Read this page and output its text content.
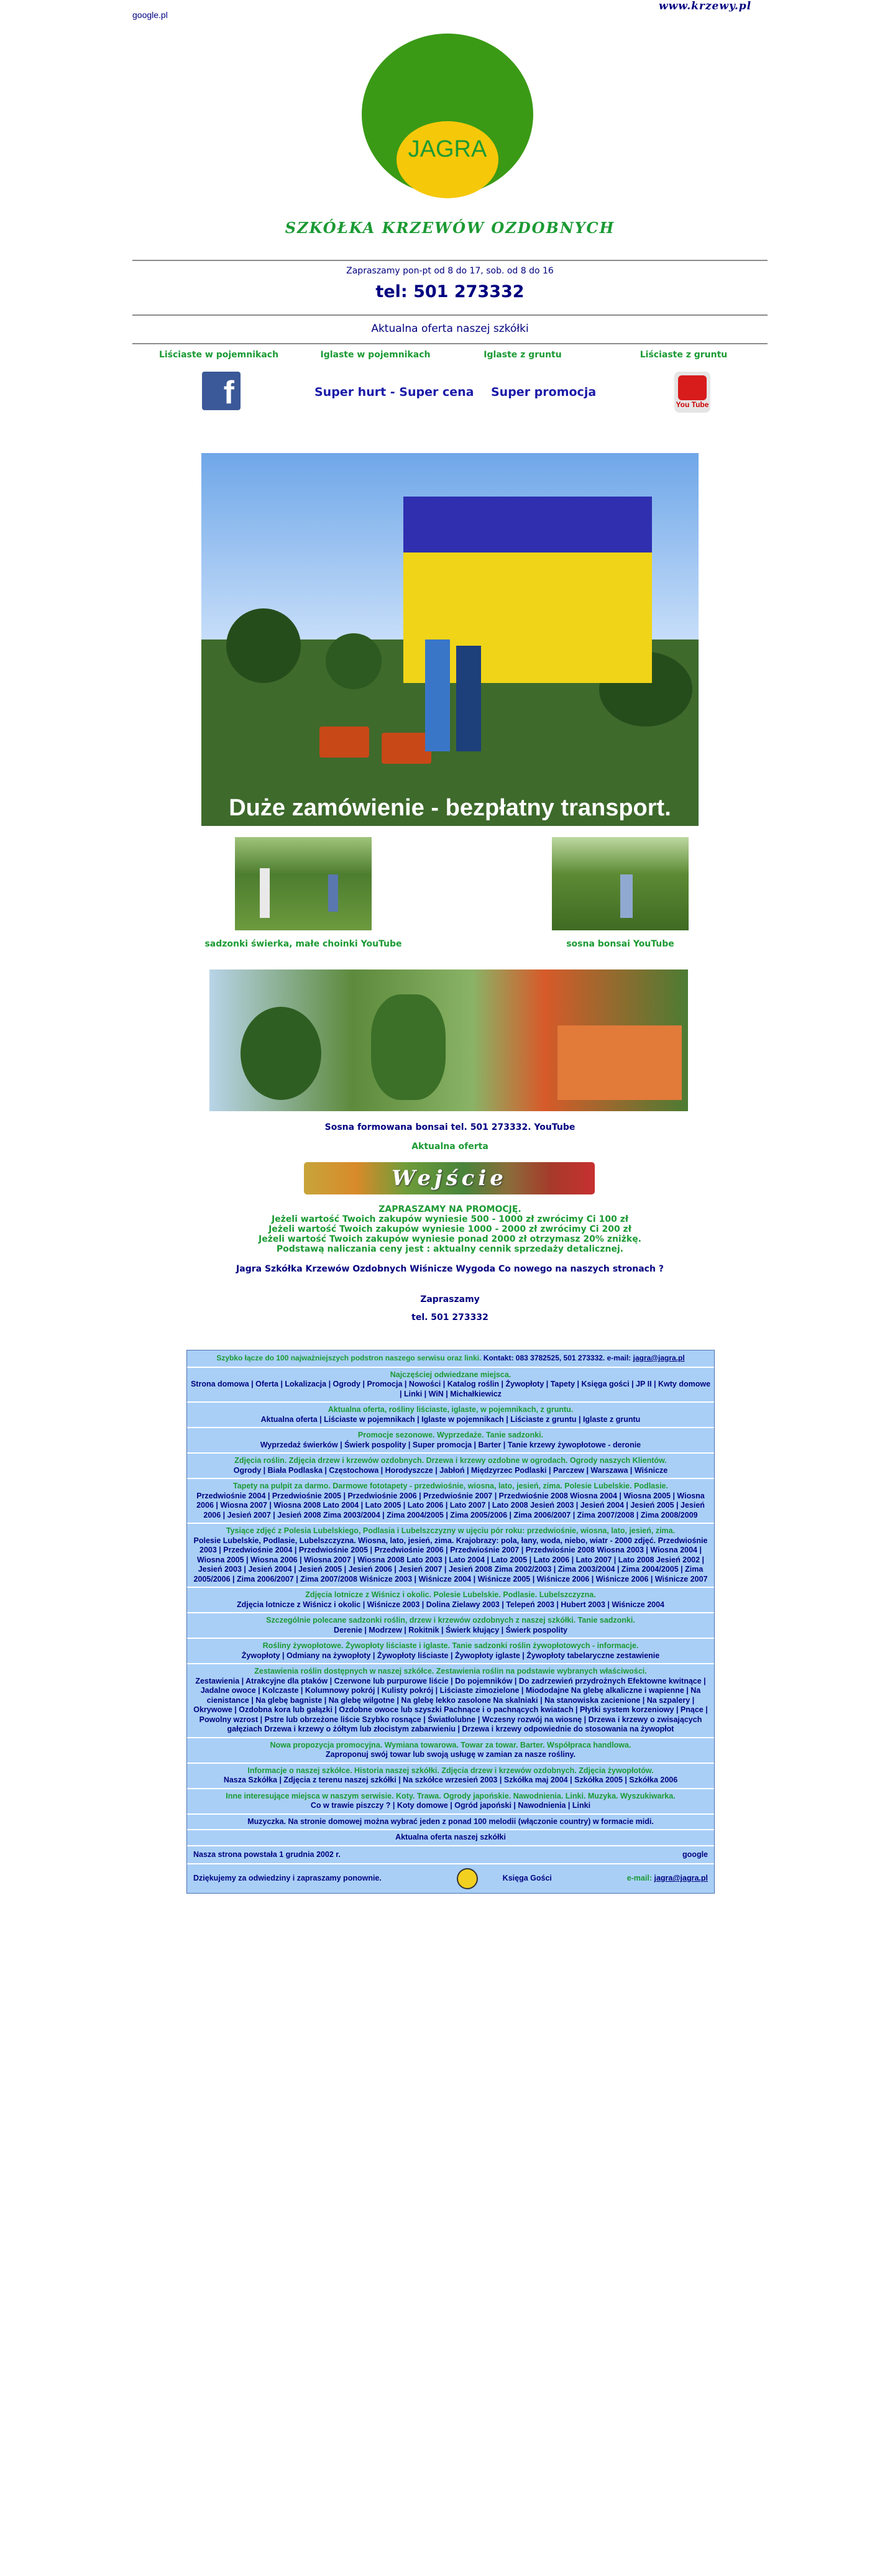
www.krzewy.pl
google.pl
JAGRA
SZKÓŁKA KRZEWÓW OZDOBNYCH
Zapraszamy pon-pt od 8 do 17, sob. od 8 do 16
tel: 501 273332
Aktualna oferta naszej szkółki
Liściaste w pojemnikach	Iglaste w pojemnikach	Iglaste z gruntu	Liściaste z gruntu
f	Super hurt - Super cena Super promocja
You Tube
Duże zamówienie - bezpłatny transport.
sadzonki świerka, małe choinki YouTube	sosna bonsai YouTube
Sosna formowana bonsai tel. 501 273332. YouTube
Aktualna oferta
Wejście
ZAPRASZAMY NA PROMOCJĘ.
Jeżeli wartość Twoich zakupów wyniesie 500 - 1000 zł zwrócimy Ci 100 zł
Jeżeli wartość Twoich zakupów wyniesie 1000 - 2000 zł zwrócimy Ci 200 zł
Jeżeli wartość Twoich zakupów wyniesie ponad 2000 zł otrzymasz 20% zniżkę.
Podstawą naliczania ceny jest : aktualny cennik sprzedaży detalicznej.
Jagra Szkółka Krzewów Ozdobnych Wiśnicze Wygoda Co nowego na naszych stronach ?
Zapraszamy
tel. 501 273332
Szybko łącze do 100 najważniejszych podstron naszego serwisu oraz linki. Kontakt: 083 3782525, 501 273332. e-mail: jagra@jagra.pl
Najczęściej odwiedzane miejsca.
Strona domowa | Oferta | Lokalizacja | Ogrody | Promocja | Nowości | Katalog roślin | Żywopłoty | Tapety | Księga gości | JP II | Kwty domowe | Linki | WiN | Michałkiewicz
Aktualna oferta, rośliny liściaste, iglaste, w pojemnikach, z gruntu.
Aktualna oferta | Liściaste w pojemnikach | Iglaste w pojemnikach | Liściaste z gruntu | Iglaste z gruntu
Promocje sezonowe. Wyprzedaże. Tanie sadzonki.
Wyprzedaż świerków | Świerk pospolity | Super promocja | Barter | Tanie krzewy żywopłotowe - deronie
Zdjęcia roślin. Zdjęcia drzew i krzewów ozdobnych. Drzewa i krzewy ozdobne w ogrodach. Ogrody naszych Klientów.
Ogrody | Biała Podlaska | Częstochowa | Horodyszcze | Jabłoń | Międzyrzec Podlaski | Parczew | Warszawa | Wiśnicze
Tapety na pulpit za darmo. Darmowe fototapety - przedwiośnie, wiosna, lato, jesień, zima. Polesie Lubelskie. Podlasie.
Przedwiośnie 2004 | Przedwiośnie 2005 | Przedwiośnie 2006 | Przedwiośnie 2007 | Przedwiośnie 2008 Wiosna 2004 | Wiosna 2005 | Wiosna 2006 | Wiosna 2007 | Wiosna 2008 Lato 2004 | Lato 2005 | Lato 2006 | Lato 2007 | Lato 2008 Jesień 2003 | Jesień 2004 | Jesień 2005 | Jesień 2006 | Jesień 2007 | Jesień 2008 Zima 2003/2004 | Zima 2004/2005 | Zima 2005/2006 | Zima 2006/2007 | Zima 2007/2008 | Zima 2008/2009
Tysiące zdjęć z Polesia Lubelskiego, Podlasia i Lubelszczyzny w ujęciu pór roku: przedwiośnie, wiosna, lato, jesień, zima.
Polesie Lubelskie, Podlasie, Lubelszczyzna. Wiosna, lato, jesień, zima. Krajobrazy: pola, łany, woda, niebo, wiatr - 2000 zdjęć. Przedwiośnie 2003 | Przedwiośnie 2004 | Przedwiośnie 2005 | Przedwiośnie 2006 | Przedwiośnie 2007 | Przedwiośnie 2008 Wiosna 2003 | Wiosna 2004 | Wiosna 2005 | Wiosna 2006 | Wiosna 2007 | Wiosna 2008 Lato 2003 | Lato 2004 | Lato 2005 | Lato 2006 | Lato 2007 | Lato 2008 Jesień 2002 | Jesień 2003 | Jesień 2004 | Jesień 2005 | Jesień 2006 | Jesień 2007 | Jesień 2008 Zima 2002/2003 | Zima 2003/2004 | Zima 2004/2005 | Zima 2005/2006 | Zima 2006/2007 | Zima 2007/2008 Wiśnicze 2003 | Wiśnicze 2004 | Wiśnicze 2005 | Wiśnicze 2006 | Wiśnicze 2006 | Wiśnicze 2007
Zdjęcia lotnicze z Wiśnicz i okolic. Polesie Lubelskie. Podlasie. Lubelszczyzna.
Zdjęcia lotnicze z Wiśnicz i okolic | Wiśnicze 2003 | Dolina Zielawy 2003 | Telepeń 2003 | Hubert 2003 | Wiśnicze 2004
Szczególnie polecane sadzonki roślin, drzew i krzewów ozdobnych z naszej szkółki. Tanie sadzonki.
Derenie | Modrzew | Rokitnik | Świerk kłujący | Świerk pospolity
Rośliny żywopłotowe. Żywopłoty liściaste i iglaste. Tanie sadzonki roślin żywopłotowych - informacje.
Żywopłoty | Odmiany na żywopłoty | Żywopłoty liściaste | Żywopłoty iglaste | Żywopłoty tabelaryczne zestawienie
Zestawienia roślin dostępnych w naszej szkółce. Zestawienia roślin na podstawie wybranych właściwości.
Zestawienia | Atrakcyjne dla ptaków | Czerwone lub purpurowe liście | Do pojemników | Do zadrzewień przydrożnych Efektowne kwitnące | Jadalne owoce | Kolczaste | Kolumnowy pokrój | Kulisty pokrój | Liściaste zimozielone | Miododajne Na glebę alkaliczne i wapienne | Na cienistance | Na glebę bagniste | Na glebę wilgotne | Na glebę lekko zasolone Na skalniaki | Na stanowiska zacienione | Na szpalery | Okrywowe | Ozdobna kora lub gałązki | Ozdobne owoce lub szyszki Pachnące i o pachnących kwiatach | Płytki system korzeniowy | Pnące | Powolny wzrost | Pstre lub obrzeżone liście Szybko rosnące | Światłolubne | Wczesny rozwój na wiosnę | Drzewa i krzewy o zwisających gałęziach Drzewa i krzewy o żółtym lub złocistym zabarwieniu | Drzewa i krzewy odpowiednie do stosowania na żywopłot
Nowa propozycja promocyjna. Wymiana towarowa. Towar za towar. Barter. Współpraca handlowa.
Zaproponuj swój towar lub swoją usługę w zamian za nasze rośliny.
Informacje o naszej szkółce. Historia naszej szkółki. Zdjęcia drzew i krzewów ozdobnych. Zdjęcia żywopłotów.
Nasza Szkółka | Zdjęcia z terenu naszej szkółki | Na szkółce wrzesień 2003 | Szkółka maj 2004 | Szkółka 2005 | Szkółka 2006
Inne interesujące miejsca w naszym serwisie. Koty. Trawa. Ogrody japońskie. Nawodnienia. Linki. Muzyka. Wyszukiwarka.
Co w trawie piszczy ? | Koty domowe | Ogród japoński | Nawodnienia | Linki
Muzyczka. Na stronie domowej można wybrać jeden z ponad 100 melodii (włączonie country) w formacie midi.
Aktualna oferta naszej szkółki
Nasza strona powstała 1 grudnia 2002 r.	google
Dziękujemy za odwiedziny i zapraszamy ponownie.	Księga Gości	e-mail: jagra@jagra.pl
